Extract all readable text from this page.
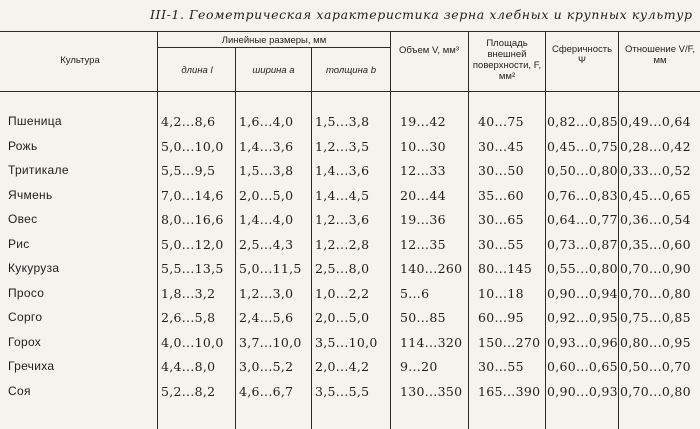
III-1. Геометрическая характеристика зерна хлебных и крупных культур
Культура
Линейные размеры, мм
длина l	ширина a	толщина b
Объем V, мм³
Площадь внешней поверхности, F, мм²
Сферичность Ψ
Отношение V/F, мм
Пшеница	4,2...8,6 1,6...4,0 1,5...3,8 19...42	40...75 0,82...0,85 0,49...0,64
Рожь	5,0...10,0 1,4...3,6 1,2...3,5 10...30	30...45 0,45...0,75 0,28...0,42
Тритикале	5,5...9,5 1,5...3,8 1,4...3,6 12...33	30...50 0,50...0,80 0,33...0,52
Ячмень	7,0...14,6 2,0...5,0 1,4...4,5 20...44	35...60 0,76...0,83 0,45...0,65
Овес	8,0...16,6 1,4...4,0 1,2...3,6 19...36	30...65 0,64...0,77 0,36...0,54
Рис	5,0...12,0 2,5...4,3 1,2...2,8 12...35	30...55 0,73...0,87 0,35...0,60
Кукуруза	5,5...13,5 5,0...11,5 2,5...8,0 140...260 80...145 0,55...0,80 0,70...0,90
Просо	1,8...3,2 1,2...3,0 1,0...2,2 5...6	10...18 0,90...0,94 0,70...0,80
Сорго	2,6...5,8 2,4...5,6 2,0...5,0 50...85	60...95 0,92...0,95 0,75...0,85
Горох	4,0...10,0 3,7...10,0 3,5...10,0 114...320 150...270 0,93...0,96 0,80...0,95
Гречиха	4,4...8,0 3,0...5,2 2,0...4,2 9...20	30...55 0,60...0,65 0,50...0,70
Соя	5,2...8,2 4,6...6,7 3,5...5,5 130...350 165...390 0,90...0,93 0,70...0,80
